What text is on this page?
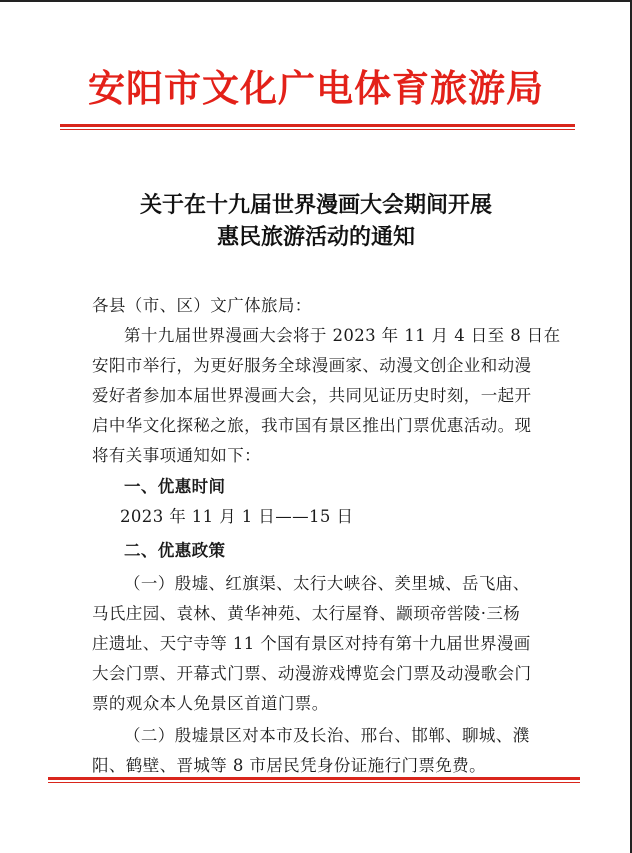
安阳市文化广电体育旅游局
关于在十九届世界漫画大会期间开展
惠民旅游活动的通知
各县（市、区）文广体旅局：
第十九届世界漫画大会将于 2023 年 11 月 4 日至 8 日在
安阳市举行，为更好服务全球漫画家、动漫文创企业和动漫
爱好者参加本届世界漫画大会，共同见证历史时刻，一起开
启中华文化探秘之旅，我市国有景区推出门票优惠活动。现
将有关事项通知如下：
一、优惠时间
2023 年 11 月 1 日——15 日
二、优惠政策
（一）殷墟、红旗渠、太行大峡谷、羑里城、岳飞庙、
马氏庄园、袁林、黄华神苑、太行屋脊、颛顼帝喾陵·三杨
庄遗址、天宁寺等 11 个国有景区对持有第十九届世界漫画
大会门票、开幕式门票、动漫游戏博览会门票及动漫歌会门
票的观众本人免景区首道门票。
（二）殷墟景区对本市及长治、邢台、邯郸、聊城、濮
阳、鹤壁、晋城等 8 市居民凭身份证施行门票免费。
